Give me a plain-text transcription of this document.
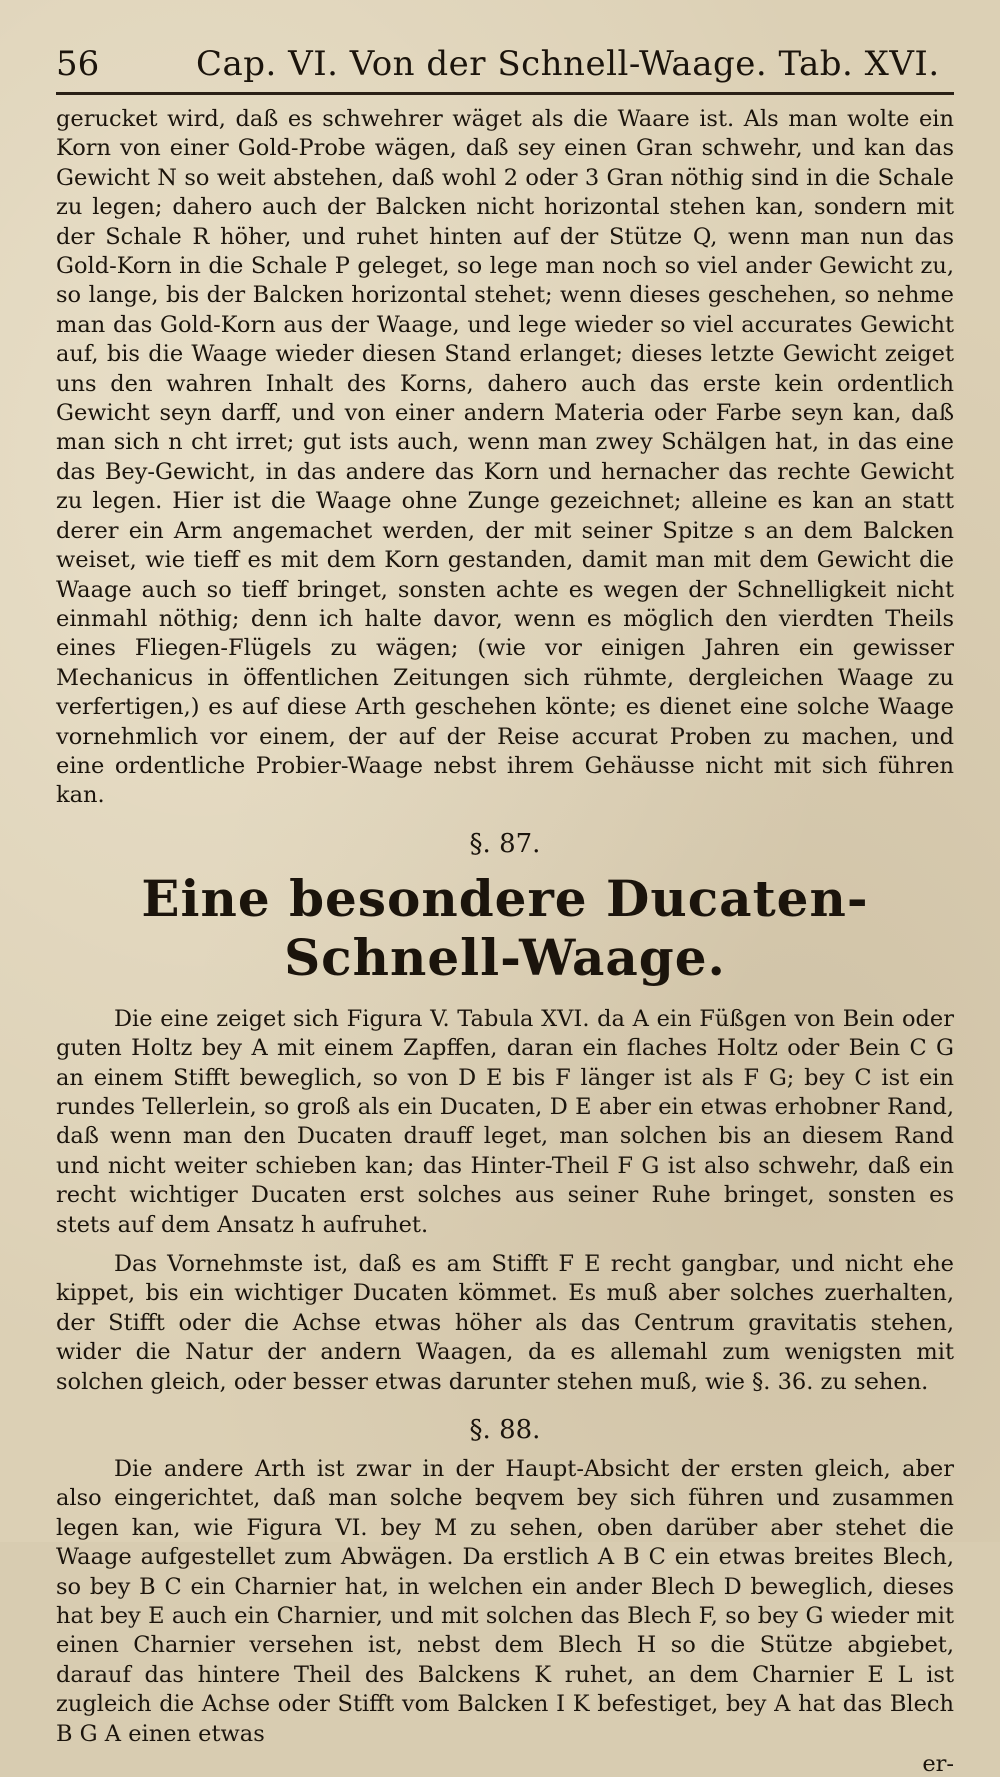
56	Cap. VI. Von der Schnell-Waage. Tab. XVI.

gerucket wird, daß es schwehrer wäget als die Waare ist. Als man wolte ein Korn von einer Gold-Probe wägen, daß sey einen Gran schwehr, und kan das Gewicht N so weit abstehen, daß wohl 2 oder 3 Gran nöthig sind in die Schale zu legen; dahero auch der Balcken nicht horizontal stehen kan, sondern mit der Schale R höher, und ruhet hinten auf der Stütze Q, wenn man nun das Gold-Korn in die Schale P geleget, so lege man noch so viel ander Gewicht zu, so lange, bis der Balcken horizontal stehet; wenn dieses geschehen, so nehme man das Gold-Korn aus der Waage, und lege wieder so viel accurates Gewicht auf, bis die Waage wieder diesen Stand erlanget; dieses letzte Gewicht zeiget uns den wahren Inhalt des Korns, dahero auch das erste kein ordentlich Gewicht seyn darff, und von einer andern Materia oder Farbe seyn kan, daß man sich n cht irret; gut ists auch, wenn man zwey Schälgen hat, in das eine das Bey-Gewicht, in das andere das Korn und hernacher das rechte Gewicht zu legen. Hier ist die Waage ohne Zunge gezeichnet; alleine es kan an statt derer ein Arm angemachet werden, der mit seiner Spitze s an dem Balcken weiset, wie tieff es mit dem Korn gestanden, damit man mit dem Gewicht die Waage auch so tieff bringet, sonsten achte es wegen der Schnelligkeit nicht einmahl nöthig; denn ich halte davor, wenn es möglich den vierdten Theils eines Fliegen-Flügels zu wägen; (wie vor einigen Jahren ein gewisser Mechanicus in öffentlichen Zeitungen sich rühmte, dergleichen Waage zu verfertigen,) es auf diese Arth geschehen könte; es dienet eine solche Waage vornehmlich vor einem, der auf der Reise accurat Proben zu machen, und eine ordentliche Probier-Waage nebst ihrem Gehäusse nicht mit sich führen kan.

§. 87.
Eine besondere Ducaten-Schnell-Waage.

Die eine zeiget sich Figura V. Tabula XVI. da A ein Füßgen von Bein oder guten Holtz bey A mit einem Zapffen, daran ein flaches Holtz oder Bein C G an einem Stifft beweglich, so von D E bis F länger ist als F G; bey C ist ein rundes Tellerlein, so groß als ein Ducaten, D E aber ein etwas erhobner Rand, daß wenn man den Ducaten drauff leget, man solchen bis an diesem Rand und nicht weiter schieben kan; das Hinter-Theil F G ist also schwehr, daß ein recht wichtiger Ducaten erst solches aus seiner Ruhe bringet, sonsten es stets auf dem Ansatz h aufruhet.

Das Vornehmste ist, daß es am Stifft F E recht gangbar, und nicht ehe kippet, bis ein wichtiger Ducaten kömmet. Es muß aber solches zuerhalten, der Stifft oder die Achse etwas höher als das Centrum gravitatis stehen, wider die Natur der andern Waagen, da es allemahl zum wenigsten mit solchen gleich, oder besser etwas darunter stehen muß, wie §. 36. zu sehen.

§. 88.

Die andere Arth ist zwar in der Haupt-Absicht der ersten gleich, aber also eingerichtet, daß man solche beqvem bey sich führen und zusammen legen kan, wie Figura VI. bey M zu sehen, oben darüber aber stehet die Waage aufgestellet zum Abwägen. Da erstlich A B C ein etwas breites Blech, so bey B C ein Charnier hat, in welchen ein ander Blech D beweglich, dieses hat bey E auch ein Charnier, und mit solchen das Blech F, so bey G wieder mit einen Charnier versehen ist, nebst dem Blech H so die Stütze abgiebet, darauf das hintere Theil des Balckens K ruhet, an dem Charnier E L ist zugleich die Achse oder Stifft vom Balcken I K befestiget, bey A hat das Blech B G A einen etwas

er-
